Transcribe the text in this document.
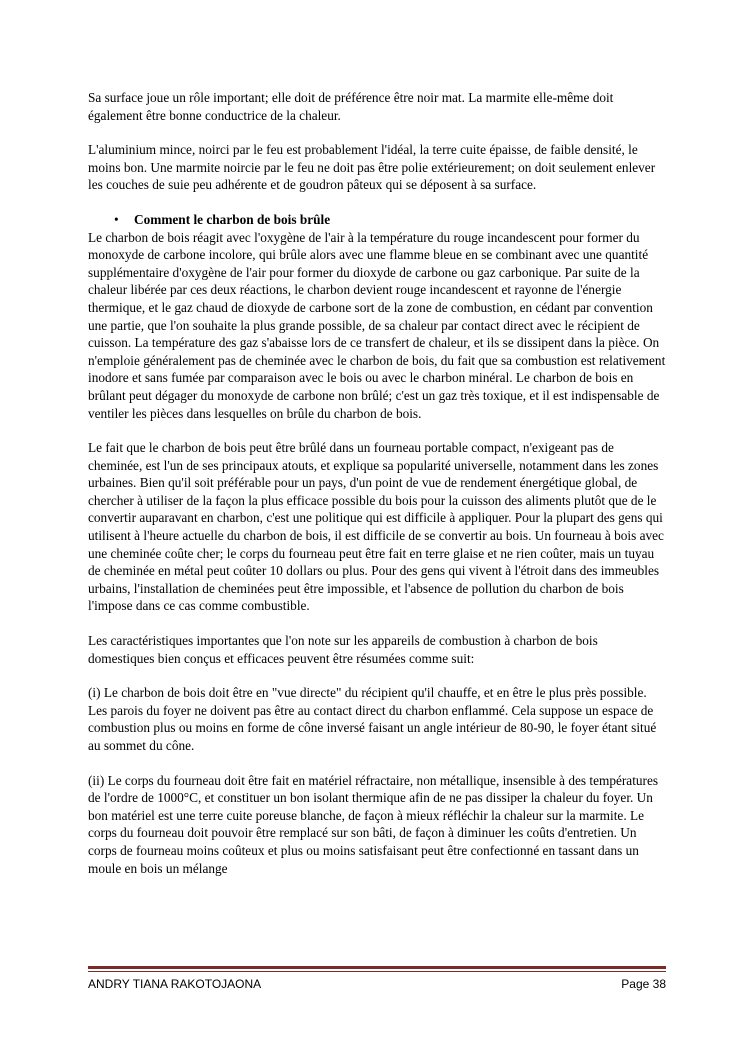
Sa surface joue un rôle important; elle doit de préférence être noir mat. La marmite elle-même doit également être bonne conductrice de la chaleur.

L'aluminium mince, noirci par le feu est probablement l'idéal, la terre cuite épaisse, de faible densité, le moins bon. Une marmite noircie par le feu ne doit pas être polie extérieurement; on doit seulement enlever les couches de suie peu adhérente et de goudron pâteux qui se déposent à sa surface.

• Comment le charbon de bois brûle

Le charbon de bois réagit avec l'oxygène de l'air à la température du rouge incandescent pour former du monoxyde de carbone incolore, qui brûle alors avec une flamme bleue en se combinant avec une quantité supplémentaire d'oxygène de l'air pour former du dioxyde de carbone ou gaz carbonique. Par suite de la chaleur libérée par ces deux réactions, le charbon devient rouge incandescent et rayonne de l'énergie thermique, et le gaz chaud de dioxyde de carbone sort de la zone de combustion, en cédant par convention une partie, que l'on souhaite la plus grande possible, de sa chaleur par contact direct avec le récipient de cuisson. La température des gaz s'abaisse lors de ce transfert de chaleur, et ils se dissipent dans la pièce. On n'emploie généralement pas de cheminée avec le charbon de bois, du fait que sa combustion est relativement inodore et sans fumée par comparaison avec le bois ou avec le charbon minéral. Le charbon de bois en brûlant peut dégager du monoxyde de carbone non brûlé; c'est un gaz très toxique, et il est indispensable de ventiler les pièces dans lesquelles on brûle du charbon de bois.

Le fait que le charbon de bois peut être brûlé dans un fourneau portable compact, n'exigeant pas de cheminée, est l'un de ses principaux atouts, et explique sa popularité universelle, notamment dans les zones urbaines. Bien qu'il soit préférable pour un pays, d'un point de vue de rendement énergétique global, de chercher à utiliser de la façon la plus efficace possible du bois pour la cuisson des aliments plutôt que de le convertir auparavant en charbon, c'est une politique qui est difficile à appliquer. Pour la plupart des gens qui utilisent à l'heure actuelle du charbon de bois, il est difficile de se convertir au bois. Un fourneau à bois avec une cheminée coûte cher; le corps du fourneau peut être fait en terre glaise et ne rien coûter, mais un tuyau de cheminée en métal peut coûter 10 dollars ou plus. Pour des gens qui vivent à l'étroit dans des immeubles urbains, l'installation de cheminées peut être impossible, et l'absence de pollution du charbon de bois l'impose dans ce cas comme combustible.

Les caractéristiques importantes que l'on note sur les appareils de combustion à charbon de bois domestiques bien conçus et efficaces peuvent être résumées comme suit:

(i) Le charbon de bois doit être en "vue directe" du récipient qu'il chauffe, et en être le plus près possible. Les parois du foyer ne doivent pas être au contact direct du charbon enflammé. Cela suppose un espace de combustion plus ou moins en forme de cône inversé faisant un angle intérieur de 80-90, le foyer étant situé au sommet du cône.

(ii) Le corps du fourneau doit être fait en matériel réfractaire, non métallique, insensible à des températures de l'ordre de 1000°C, et constituer un bon isolant thermique afin de ne pas dissiper la chaleur du foyer. Un bon matériel est une terre cuite poreuse blanche, de façon à mieux réfléchir la chaleur sur la marmite. Le corps du fourneau doit pouvoir être remplacé sur son bâti, de façon à diminuer les coûts d'entretien. Un corps de fourneau moins coûteux et plus ou moins satisfaisant peut être confectionné en tassant dans un moule en bois un mélange

ANDRY TIANA RAKOTOJAONA	Page 38
